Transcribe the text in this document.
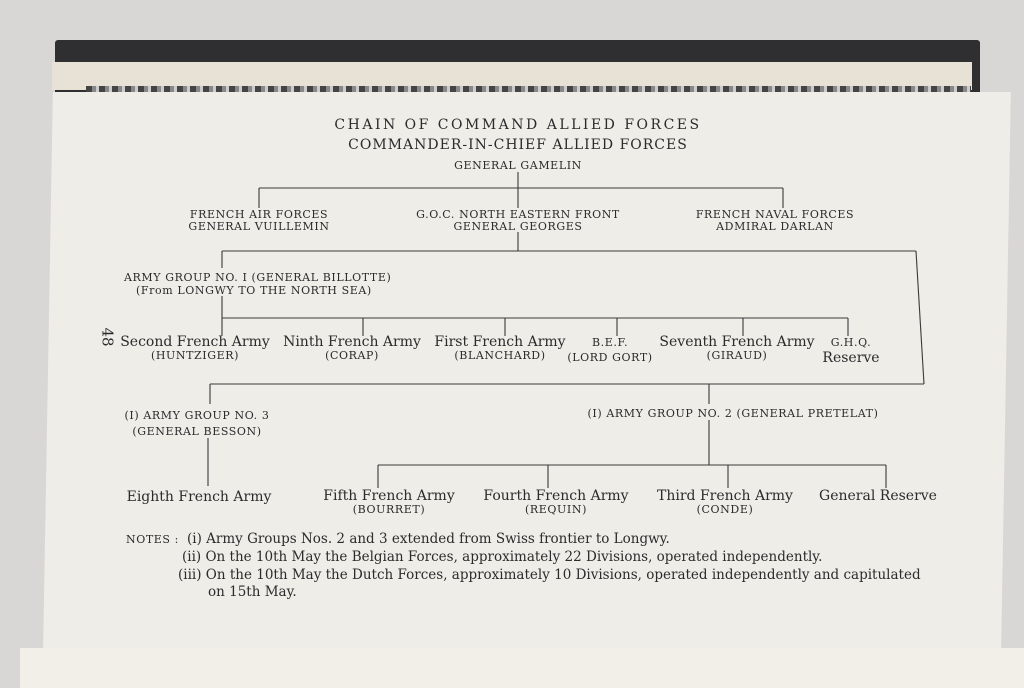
48
CHAIN OF COMMAND ALLIED FORCES
COMMANDER-IN-CHIEF ALLIED FORCES
GENERAL GAMELIN
FRENCH AIR FORCES
GENERAL VUILLEMIN
G.O.C. NORTH EASTERN FRONT
GENERAL GEORGES
FRENCH NAVAL FORCES
ADMIRAL DARLAN
ARMY GROUP NO. I (GENERAL BILLOTTE)
(From LONGWY TO THE NORTH SEA)
Second French Army
(HUNTZIGER)
Ninth French Army
(CORAP)
First French Army
(BLANCHARD)
B.E.F.
(LORD GORT)
Seventh French Army
(GIRAUD)
G.H.Q.
Reserve
(I) ARMY GROUP NO. 3
(GENERAL BESSON)
(I) ARMY GROUP NO. 2 (GENERAL PRETELAT)
Eighth French Army	Fifth French Army
(BOURRET)
Fourth French Army
(REQUIN)
Third French Army
(CONDE)
General Reserve
NOTES : (i) Army Groups Nos. 2 and 3 extended from Swiss frontier to Longwy.
(ii) On the 10th May the Belgian Forces, approximately 22 Divisions, operated independently.
(iii) On the 10th May the Dutch Forces, approximately 10 Divisions, operated independently and capitulated
on 15th May.
